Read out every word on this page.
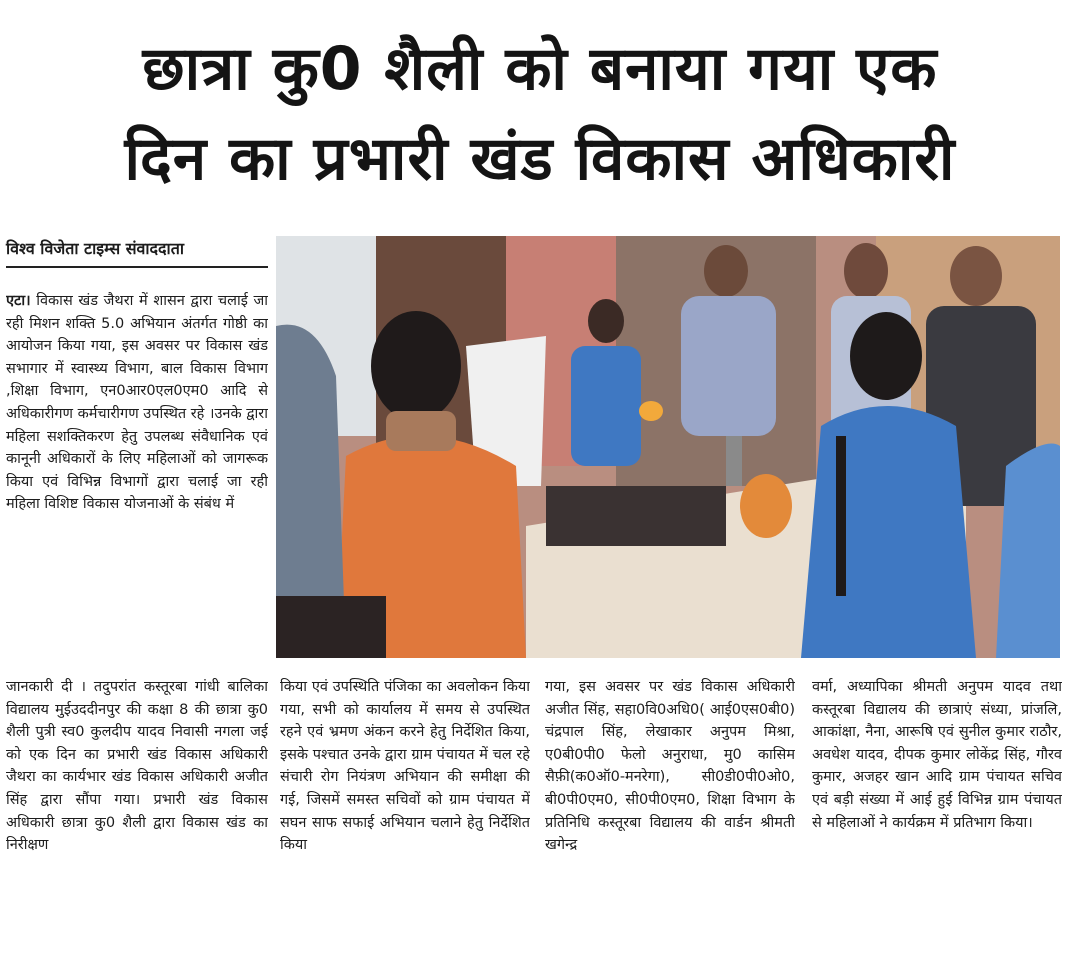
छात्रा कु0 शैली को बनाया गया एक
दिन का प्रभारी खंड विकास अधिकारी
विश्व विजेता टाइम्स संवाददाता
एटा। विकास खंड जैथरा में शासन द्वारा चलाई जा रही मिशन शक्ति 5.0 अभियान अंतर्गत गोष्ठी का आयोजन किया गया, इस अवसर पर विकास खंड सभागार में स्वास्थ्य विभाग, बाल विकास विभाग ,शिक्षा विभाग, एन0आर0एल0एम0 आदि से अधिकारीगण कर्मचारीगण उपस्थित रहे ।उनके द्वारा महिला सशक्तिकरण हेतु उपलब्ध संवैधानिक एवं कानूनी अधिकारों के लिए महिलाओं को जागरूक किया एवं विभिन्न विभागों द्वारा चलाई जा रही महिला विशिष्ट विकास योजनाओं के संबंध में
जानकारी दी । तदुपरांत कस्तूरबा गांधी बालिका विद्यालय मुईउददीनपुर की कक्षा 8 की छात्रा कु0 शैली पुत्री स्व0 कुलदीप यादव निवासी नगला जई को एक दिन का प्रभारी खंड विकास अधिकारी जैथरा का कार्यभार खंड विकास अधिकारी अजीत सिंह द्वारा सौंपा गया। प्रभारी खंड विकास अधिकारी छात्रा कु0 शैली द्वारा विकास खंड का निरीक्षण
किया एवं उपस्थिति पंजिका का अवलोकन किया गया, सभी को कार्यालय में समय से उपस्थित रहने एवं भ्रमण अंकन करने हेतु निर्देशित किया, इसके पश्चात उनके द्वारा ग्राम पंचायत में चल रहे संचारी रोग नियंत्रण अभियान की समीक्षा की गई, जिसमें समस्त सचिवों को ग्राम पंचायत में सघन साफ सफाई अभियान चलाने हेतु निर्देशित किया
गया, इस अवसर पर खंड विकास अधिकारी अजीत सिंह, सहा0वि0अधि0( आई0एस0बी0) चंद्रपाल सिंह, लेखाकार अनुपम मिश्रा, ए0बी0पी0 फेलो अनुराधा, मु0 कासिम सैफ़ी(क0ऑ0-मनरेगा), सी0डी0पी0ओ0, बी0पी0एम0, सी0पी0एम0, शिक्षा विभाग के प्रतिनिधि कस्तूरबा विद्यालय की वार्डन श्रीमती खगेन्द्र
वर्मा, अध्यापिका श्रीमती अनुपम यादव तथा कस्तूरबा विद्यालय की छात्राएं संध्या, प्रांजलि, आकांक्षा, नैना, आरूषि एवं सुनील कुमार राठौर, अवधेश यादव, दीपक कुमार लोकेंद्र सिंह, गौरव कुमार, अजहर खान आदि ग्राम पंचायत सचिव एवं बड़ी संख्या में आई हुई विभिन्न ग्राम पंचायत से महिलाओं ने कार्यक्रम में प्रतिभाग किया।
